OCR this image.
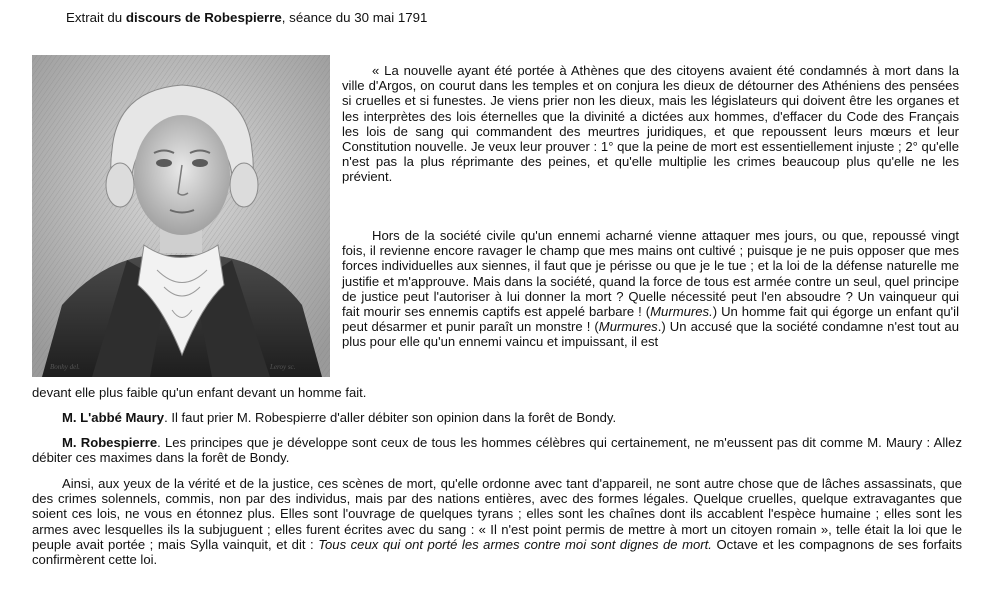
Extrait du discours de Robespierre, séance du 30 mai 1791
Bonhy del.	Leroy sc.

« La nouvelle ayant été portée à Athènes que des citoyens avaient été condamnés à mort dans la ville d'Argos, on courut dans les temples et on conjura les dieux de détourner des Athéniens des pensées si cruelles et si funestes. Je viens prier non les dieux, mais les législateurs qui doivent être les organes et les interprètes des lois éternelles que la divinité a dictées aux hommes, d'effacer du Code des Français les lois de sang qui commandent des meurtres juridiques, et que repoussent leurs mœurs et leur Constitution nouvelle. Je veux leur prouver : 1° que la peine de mort est essentiellement injuste ; 2° qu'elle n'est pas la plus réprimante des peines, et qu'elle multiplie les crimes beaucoup plus qu'elle ne les prévient.

Hors de la société civile qu'un ennemi acharné vienne attaquer mes jours, ou que, repoussé vingt fois, il revienne encore ravager le champ que mes mains ont cultivé ; puisque je ne puis opposer que mes forces individuelles aux siennes, il faut que je périsse ou que je le tue ; et la loi de la défense naturelle me justifie et m'approuve. Mais dans la société, quand la force de tous est armée contre un seul, quel principe de justice peut l'autoriser à lui donner la mort ? Quelle nécessité peut l'en absoudre ? Un vainqueur qui fait mourir ses ennemis captifs est appelé barbare ! (Murmures.) Un homme fait qui égorge un enfant qu'il peut désarmer et punir paraît un monstre ! (Murmures.) Un accusé que la société condamne n'est tout au plus pour elle qu'un ennemi vaincu et impuissant, il est

devant elle plus faible qu'un enfant devant un homme fait.

M. L'abbé Maury. Il faut prier M. Robespierre d'aller débiter son opinion dans la forêt de Bondy.

M. Robespierre. Les principes que je développe sont ceux de tous les hommes célèbres qui certainement, ne m'eussent pas dit comme M. Maury : Allez débiter ces maximes dans la forêt de Bondy.

Ainsi, aux yeux de la vérité et de la justice, ces scènes de mort, qu'elle ordonne avec tant d'appareil, ne sont autre chose que de lâches assassinats, que des crimes solennels, commis, non par des individus, mais par des nations entières, avec des formes légales. Quelque cruelles, quelque extravagantes que soient ces lois, ne vous en étonnez plus. Elles sont l'ouvrage de quelques tyrans ; elles sont les chaînes dont ils accablent l'espèce humaine ; elles sont les armes avec lesquelles ils la subjuguent ; elles furent écrites avec du sang : « Il n'est point permis de mettre à mort un citoyen romain », telle était la loi que le peuple avait portée ; mais Sylla vainquit, et dit : Tous ceux qui ont porté les armes contre moi sont dignes de mort. Octave et les compagnons de ses forfaits confirmèrent cette loi.
